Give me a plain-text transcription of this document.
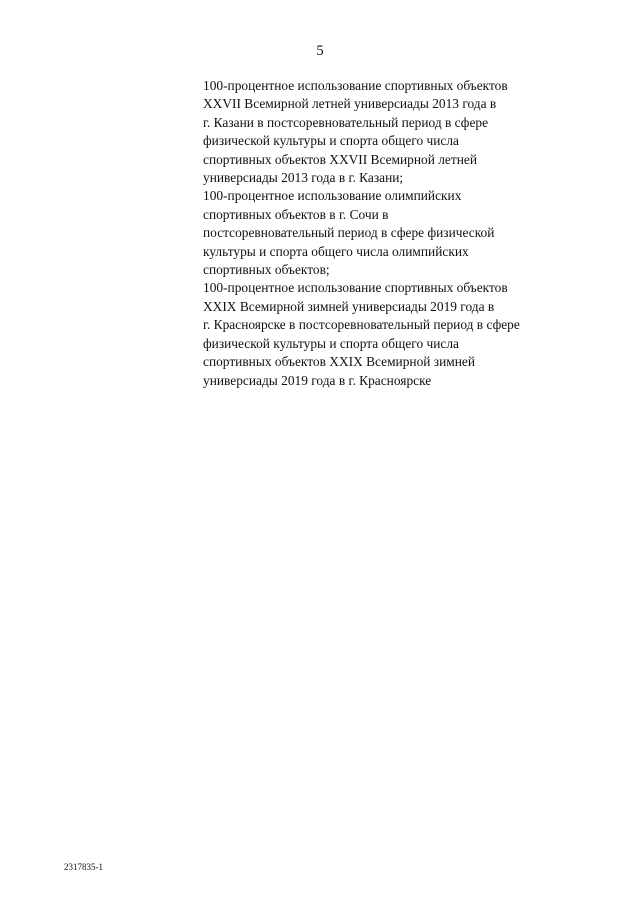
5
100-процентное использование спортивных объектов
XXVII Всемирной летней универсиады 2013 года в
г. Казани в постсоревновательный период в сфере
физической культуры и спорта общего числа
спортивных объектов XXVII Всемирной летней
универсиады 2013 года в г. Казани;
100-процентное использование олимпийских
спортивных объектов в г. Сочи в
постсоревновательный период в сфере физической
культуры и спорта общего числа олимпийских
спортивных объектов;
100-процентное использование спортивных объектов
XXIX Всемирной зимней универсиады 2019 года в
г. Красноярске в постсоревновательный период в сфере
физической культуры и спорта общего числа
спортивных объектов XXIX Всемирной зимней
универсиады 2019 года в г. Красноярске
2317835-1
